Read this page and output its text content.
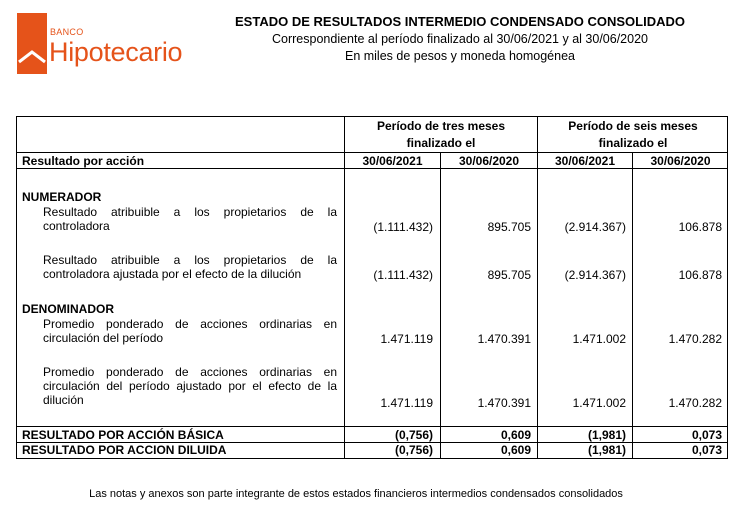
BANCO
Hipotecario
ESTADO DE RESULTADOS INTERMEDIO CONDENSADO CONSOLIDADO
Correspondiente al período finalizado al 30/06/2021 y al 30/06/2020
En miles de pesos y moneda homogénea
Período de tres meses
finalizado el
Período de seis meses
finalizado el
Resultado por acción	30/06/2021	30/06/2020	30/06/2021	30/06/2020
NUMERADOR
Resultado atribuible a los propietarios de la controladora	(1.111.432)	895.705	(2.914.367)	106.878
Resultado atribuible a los propietarios de la controladora ajustada por el efecto de la dilución	(1.111.432)	895.705	(2.914.367)	106.878
DENOMINADOR
Promedio ponderado de acciones ordinarias en circulación del período	1.471.119	1.470.391	1.471.002	1.470.282
Promedio ponderado de acciones ordinarias en circulación del período ajustado por el efecto de la dilución	1.471.119	1.470.391	1.471.002	1.470.282
RESULTADO POR ACCIÓN BÁSICA	(0,756)	0,609	(1,981)	0,073
RESULTADO POR ACCION DILUIDA	(0,756)	0,609	(1,981)	0,073
Las notas y anexos son parte integrante de estos estados financieros intermedios condensados consolidados
